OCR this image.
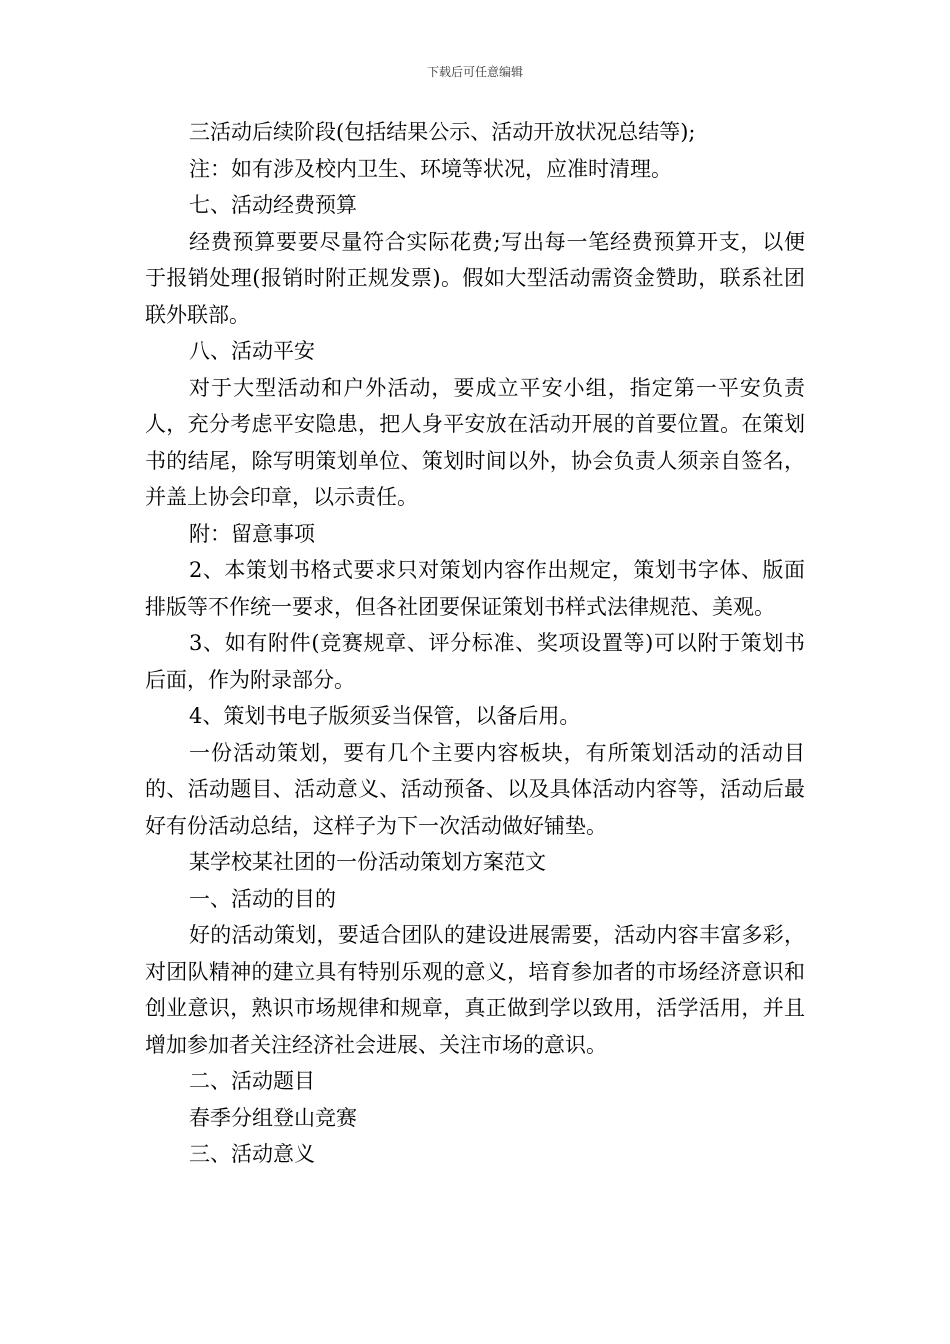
下载后可任意编辑

三活动后续阶段(包括结果公示、活动开放状况总结等);

注：如有涉及校内卫生、环境等状况，应准时清理。

七、活动经费预算

经费预算要要尽量符合实际花费;写出每一笔经费预算开支，以便于报销处理(报销时附正规发票)。假如大型活动需资金赞助，联系社团联外联部。

八、活动平安

对于大型活动和户外活动，要成立平安小组，指定第一平安负责人，充分考虑平安隐患，把人身平安放在活动开展的首要位置。在策划书的结尾，除写明策划单位、策划时间以外，协会负责人须亲自签名，并盖上协会印章，以示责任。

附：留意事项

2、本策划书格式要求只对策划内容作出规定，策划书字体、版面排版等不作统一要求，但各社团要保证策划书样式法律规范、美观。

3、如有附件(竞赛规章、评分标准、奖项设置等)可以附于策划书后面，作为附录部分。

4、策划书电子版须妥当保管，以备后用。

一份活动策划，要有几个主要内容板块，有所策划活动的活动目的、活动题目、活动意义、活动预备、以及具体活动内容等，活动后最好有份活动总结，这样子为下一次活动做好铺垫。

某学校某社团的一份活动策划方案范文

一、活动的目的

好的活动策划，要适合团队的建设进展需要，活动内容丰富多彩，对团队精神的建立具有特别乐观的意义，培育参加者的市场经济意识和创业意识，熟识市场规律和规章，真正做到学以致用，活学活用，并且增加参加者关注经济社会进展、关注市场的意识。

二、活动题目

春季分组登山竞赛

三、活动意义
